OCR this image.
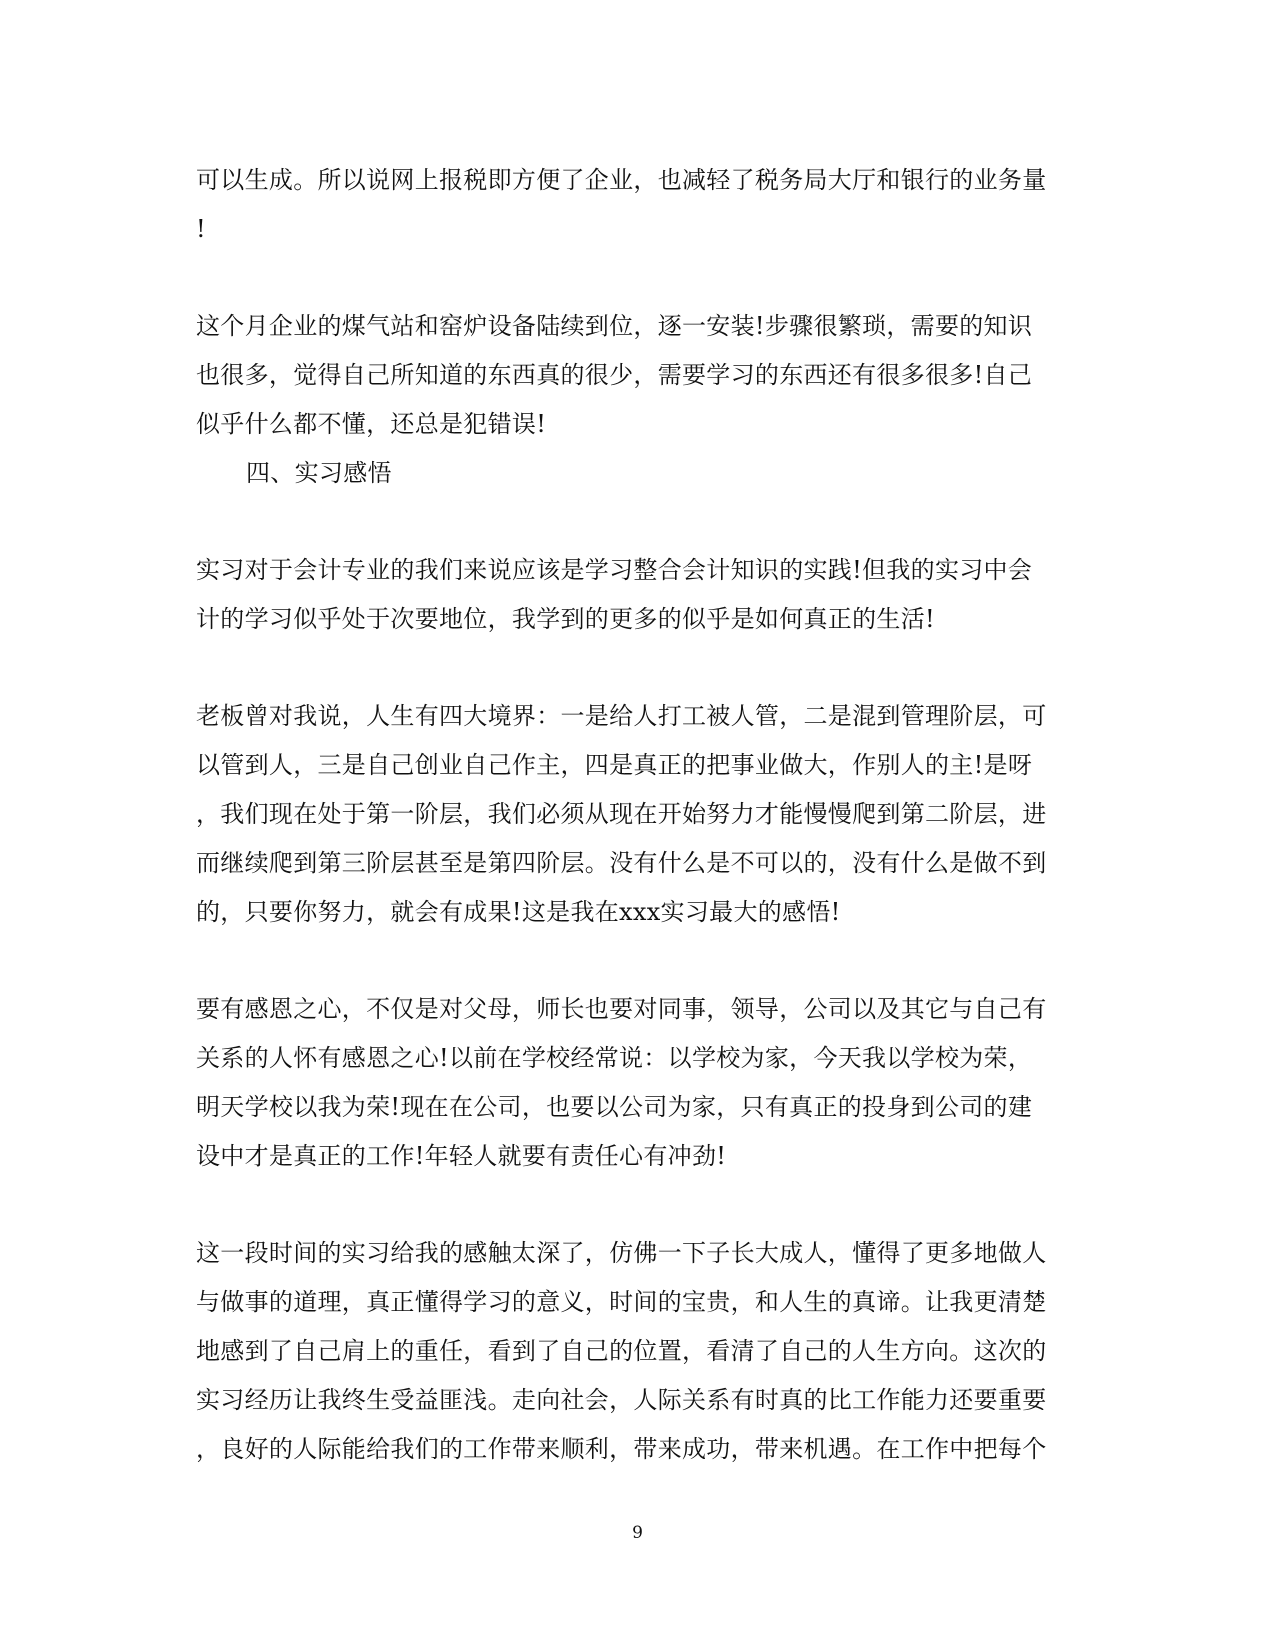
可以生成。所以说网上报税即方便了企业，也减轻了税务局大厅和银行的业务量
!
这个月企业的煤气站和窑炉设备陆续到位，逐一安装!步骤很繁琐，需要的知识
也很多，觉得自己所知道的东西真的很少，需要学习的东西还有很多很多!自己
似乎什么都不懂，还总是犯错误!
四、实习感悟
实习对于会计专业的我们来说应该是学习整合会计知识的实践!但我的实习中会
计的学习似乎处于次要地位，我学到的更多的似乎是如何真正的生活!
老板曾对我说，人生有四大境界：一是给人打工被人管，二是混到管理阶层，可
以管到人，三是自己创业自己作主，四是真正的把事业做大，作别人的主!是呀
，我们现在处于第一阶层，我们必须从现在开始努力才能慢慢爬到第二阶层，进
而继续爬到第三阶层甚至是第四阶层。没有什么是不可以的，没有什么是做不到
的，只要你努力，就会有成果!这是我在xxx实习最大的感悟!
要有感恩之心，不仅是对父母，师长也要对同事，领导，公司以及其它与自己有
关系的人怀有感恩之心!以前在学校经常说：以学校为家，今天我以学校为荣，
明天学校以我为荣!现在在公司，也要以公司为家，只有真正的投身到公司的建
设中才是真正的工作!年轻人就要有责任心有冲劲!
这一段时间的实习给我的感触太深了，仿佛一下子长大成人，懂得了更多地做人
与做事的道理，真正懂得学习的意义，时间的宝贵，和人生的真谛。让我更清楚
地感到了自己肩上的重任，看到了自己的位置，看清了自己的人生方向。这次的
实习经历让我终生受益匪浅。走向社会，人际关系有时真的比工作能力还要重要
，良好的人际能给我们的工作带来顺利，带来成功，带来机遇。在工作中把每个
9
